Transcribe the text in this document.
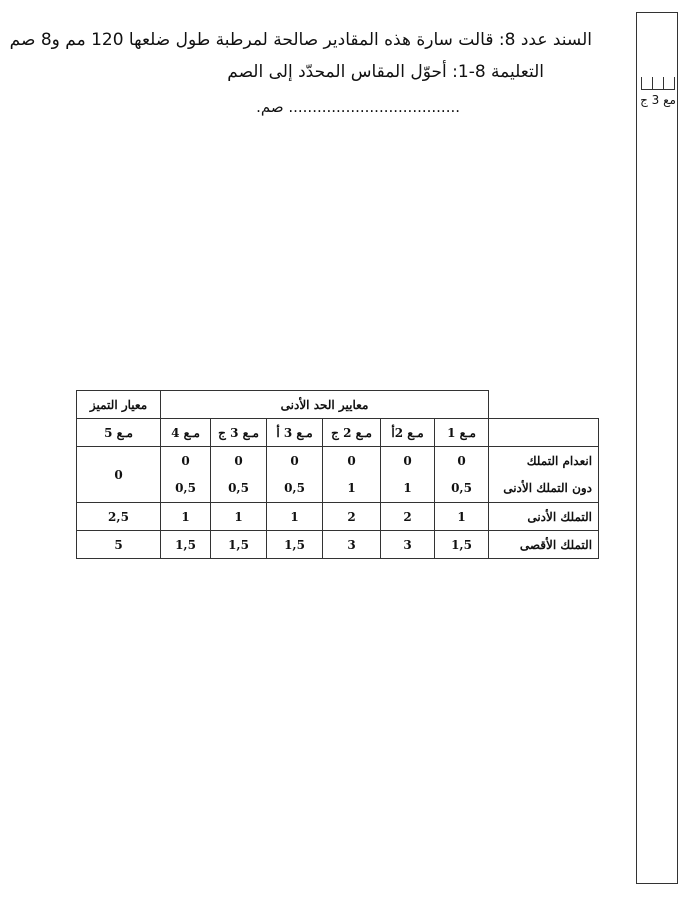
مع 3 ج
السند عدد 8: قالت سارة هذه المقادير صالحة لمرطبة طول ضلعها 120 مم و8 صم
التعليمة 8-1: أحوّل المقاس المحدّد إلى الصم
.................................... صم.
	معايير الحد الأدنى						معيار التميز
	مـع 1	مـع 2أ	مـع 2 ج	مـع 3 أ	مـع 3 ج	مـع 4	مـع 5
انعدام التملك	0	0	0	0	0	0	0
دون التملك الأدنى	0,5	1	1	0,5	0,5	0,5	
التملك الأدنى	1	2	2	1	1	1	2,5
التملك الأقصى	1,5	3	3	1,5	1,5	1,5	5
